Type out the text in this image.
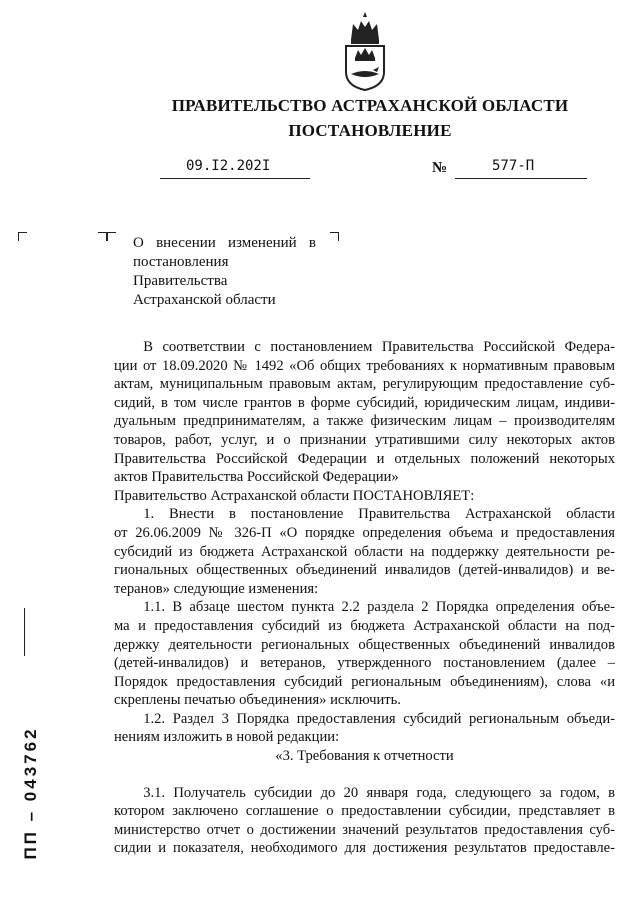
ПРАВИТЕЛЬСТВО АСТРАХАНСКОЙ ОБЛАСТИ
ПОСТАНОВЛЕНИЕ
09.I2.202I	№	577-П
О внесении изменений в постановления Правительства Астраханской области
  В соответствии с постановлением Правительства Российской Федера-
ции от 18.09.2020 № 1492 «Об общих требованиях к нормативным правовым
актам, муниципальным правовым актам, регулирующим предоставление суб-
сидий, в том числе грантов в форме субсидий, юридическим лицам, индиви-
дуальным предпринимателям, а также физическим лицам – производителям
товаров, работ, услуг, и о признании утратившими силу некоторых актов
Правительства Российской Федерации и отдельных положений некоторых
актов Правительства Российской Федерации»
Правительство Астраханской области ПОСТАНОВЛЯЕТ:
  1. Внести в постановление Правительства Астраханской области
от 26.06.2009 № 326-П «О порядке определения объема и предоставления
субсидий из бюджета Астраханской области на поддержку деятельности ре-
гиональных общественных объединений инвалидов (детей-инвалидов) и ве-
теранов» следующие изменения:
  1.1. В абзаце шестом пункта 2.2 раздела 2 Порядка определения объе-
ма и предоставления субсидий из бюджета Астраханской области на под-
держку деятельности региональных общественных объединений инвалидов
(детей-инвалидов) и ветеранов, утвержденного постановлением (далее –
Порядок предоставления субсидий региональным объединениям), слова «и
скреплены печатью объединения» исключить.
  1.2. Раздел 3 Порядка предоставления субсидий региональным объеди-
нениям изложить в новой редакции:
«3. Требования к отчетности
  3.1. Получатель субсидии до 20 января года, следующего за годом, в
котором заключено соглашение о предоставлении субсидии, представляет в
министерство отчет о достижении значений результатов предоставления суб-
сидии и показателя, необходимого для достижения результатов предоставле-
ПП – 043762
